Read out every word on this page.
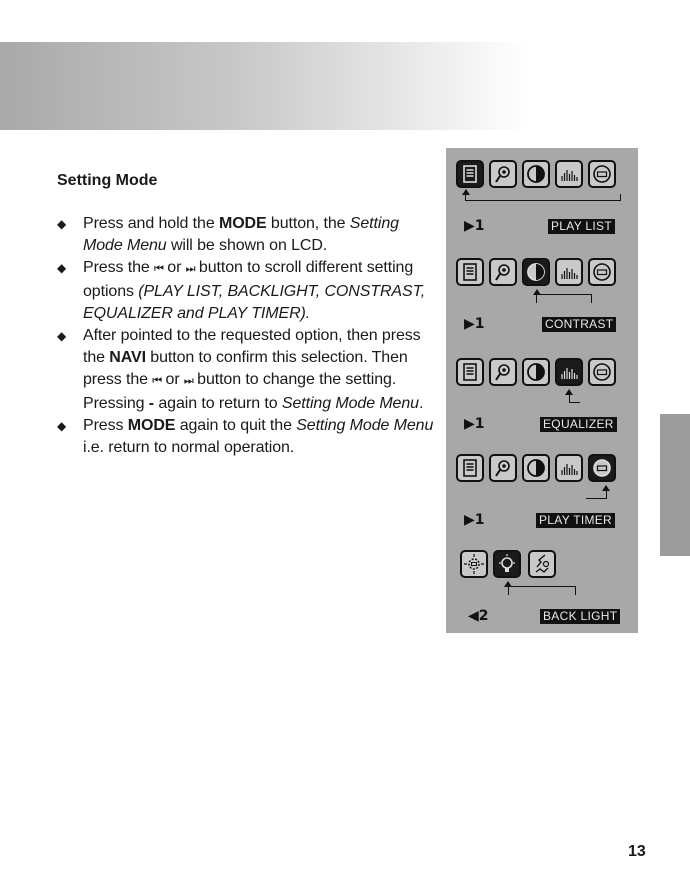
Setting Mode
◆ Press and hold the MODE button, the Setting Mode Menu will be shown on LCD.
◆ Press the ⏮ or ⏭ button to scroll different setting options (PLAY LIST, BACKLIGHT, CONSTRAST, EQUALIZER and PLAY TIMER).
◆ After pointed to the requested option, then press the NAVI button to confirm this selection. Then press the ⏮ or ⏭ button to change the setting. Pressing - again to return to Setting Mode Menu.
◆ Press MODE again to quit the Setting Mode Menu i.e. return to normal operation.
▶1	PLAY LIST
▶1	CONTRAST
▶1	EQUALIZER
▶1	PLAY TIMER
◀2	BACK LIGHT
13
